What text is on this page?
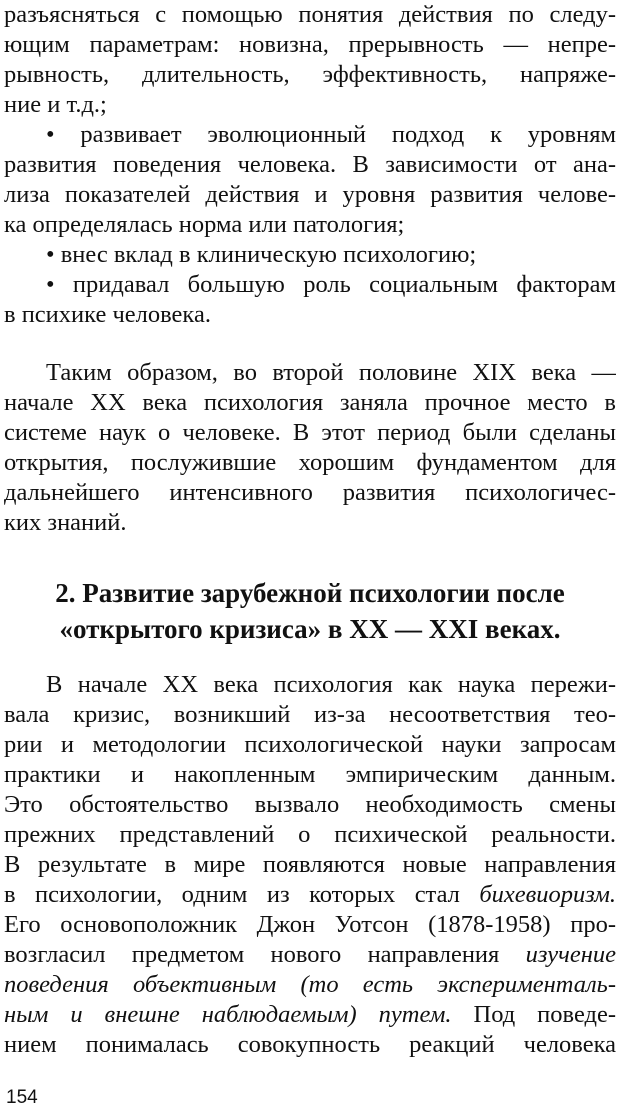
разъясняться с помощью понятия действия по следу-
ющим параметрам: новизна, прерывность — непре-
рывность, длительность, эффективность, напряже-
ние и т.д.;
• развивает эволюционный подход к уровням
развития поведения человека. В зависимости от ана-
лиза показателей действия и уровня развития челове-
ка определялась норма или патология;
• внес вклад в клиническую психологию;
• придавал большую роль социальным факторам
в психике человека.
Таким образом, во второй половине XIX века —
начале XX века психология заняла прочное место в
системе наук о человеке. В этот период были сделаны
открытия, послужившие хорошим фундаментом для
дальнейшего интенсивного развития психологичес-
ких знаний.
2. Развитие зарубежной психологии после
«открытого кризиса» в XX — XXI веках.
В начале XX века психология как наука пережи-
вала кризис, возникший из-за несоответствия тео-
рии и методологии психологической науки запросам
практики и накопленным эмпирическим данным.
Это обстоятельство вызвало необходимость смены
прежних представлений о психической реальности.
В результате в мире появляются новые направления
в психологии, одним из которых стал бихевиоризм.
Его основоположник Джон Уотсон (1878-1958) про-
возгласил предметом нового направления изучение
поведения объективным (то есть эксперименталь-
ным и внешне наблюдаемым) путем. Под поведе-
нием понималась совокупность реакций человека
154
